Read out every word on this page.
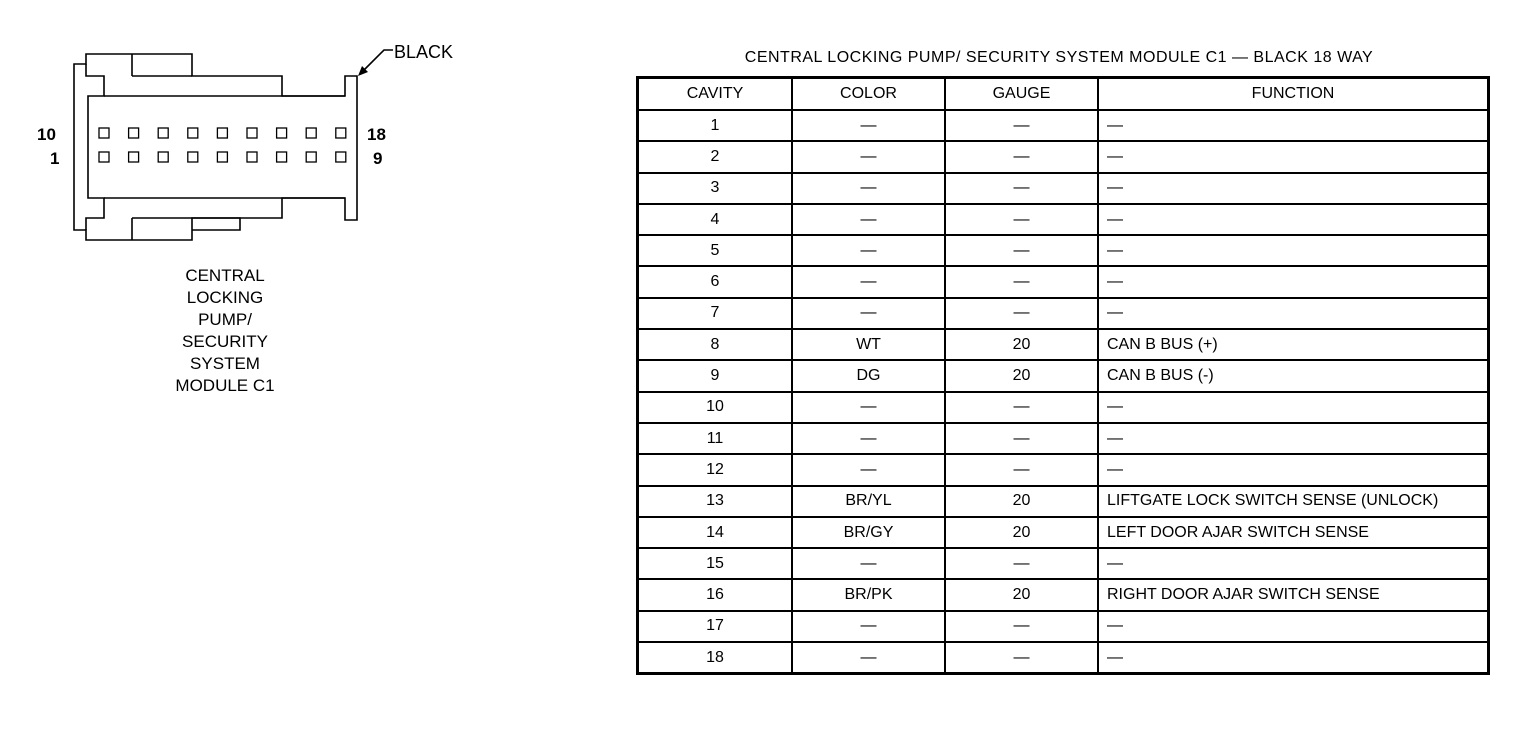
BLACK
10
1
18
9
CENTRAL
LOCKING
PUMP/
SECURITY
SYSTEM
MODULE C1
CENTRAL LOCKING PUMP/ SECURITY SYSTEM MODULE C1 — BLACK 18 WAY
CAVITY	COLOR	GAUGE	FUNCTION
1	—	—	—
2	—	—	—
3	—	—	—
4	—	—	—
5	—	—	—
6	—	—	—
7	—	—	—
8	WT	20	CAN B BUS (+)
9	DG	20	CAN B BUS (-)
10	—	—	—
11	—	—	—
12	—	—	—
13	BR/YL	20	LIFTGATE LOCK SWITCH SENSE (UNLOCK)
14	BR/GY	20	LEFT DOOR AJAR SWITCH SENSE
15	—	—	—
16	BR/PK	20	RIGHT DOOR AJAR SWITCH SENSE
17	—	—	—
18	—	—	—
